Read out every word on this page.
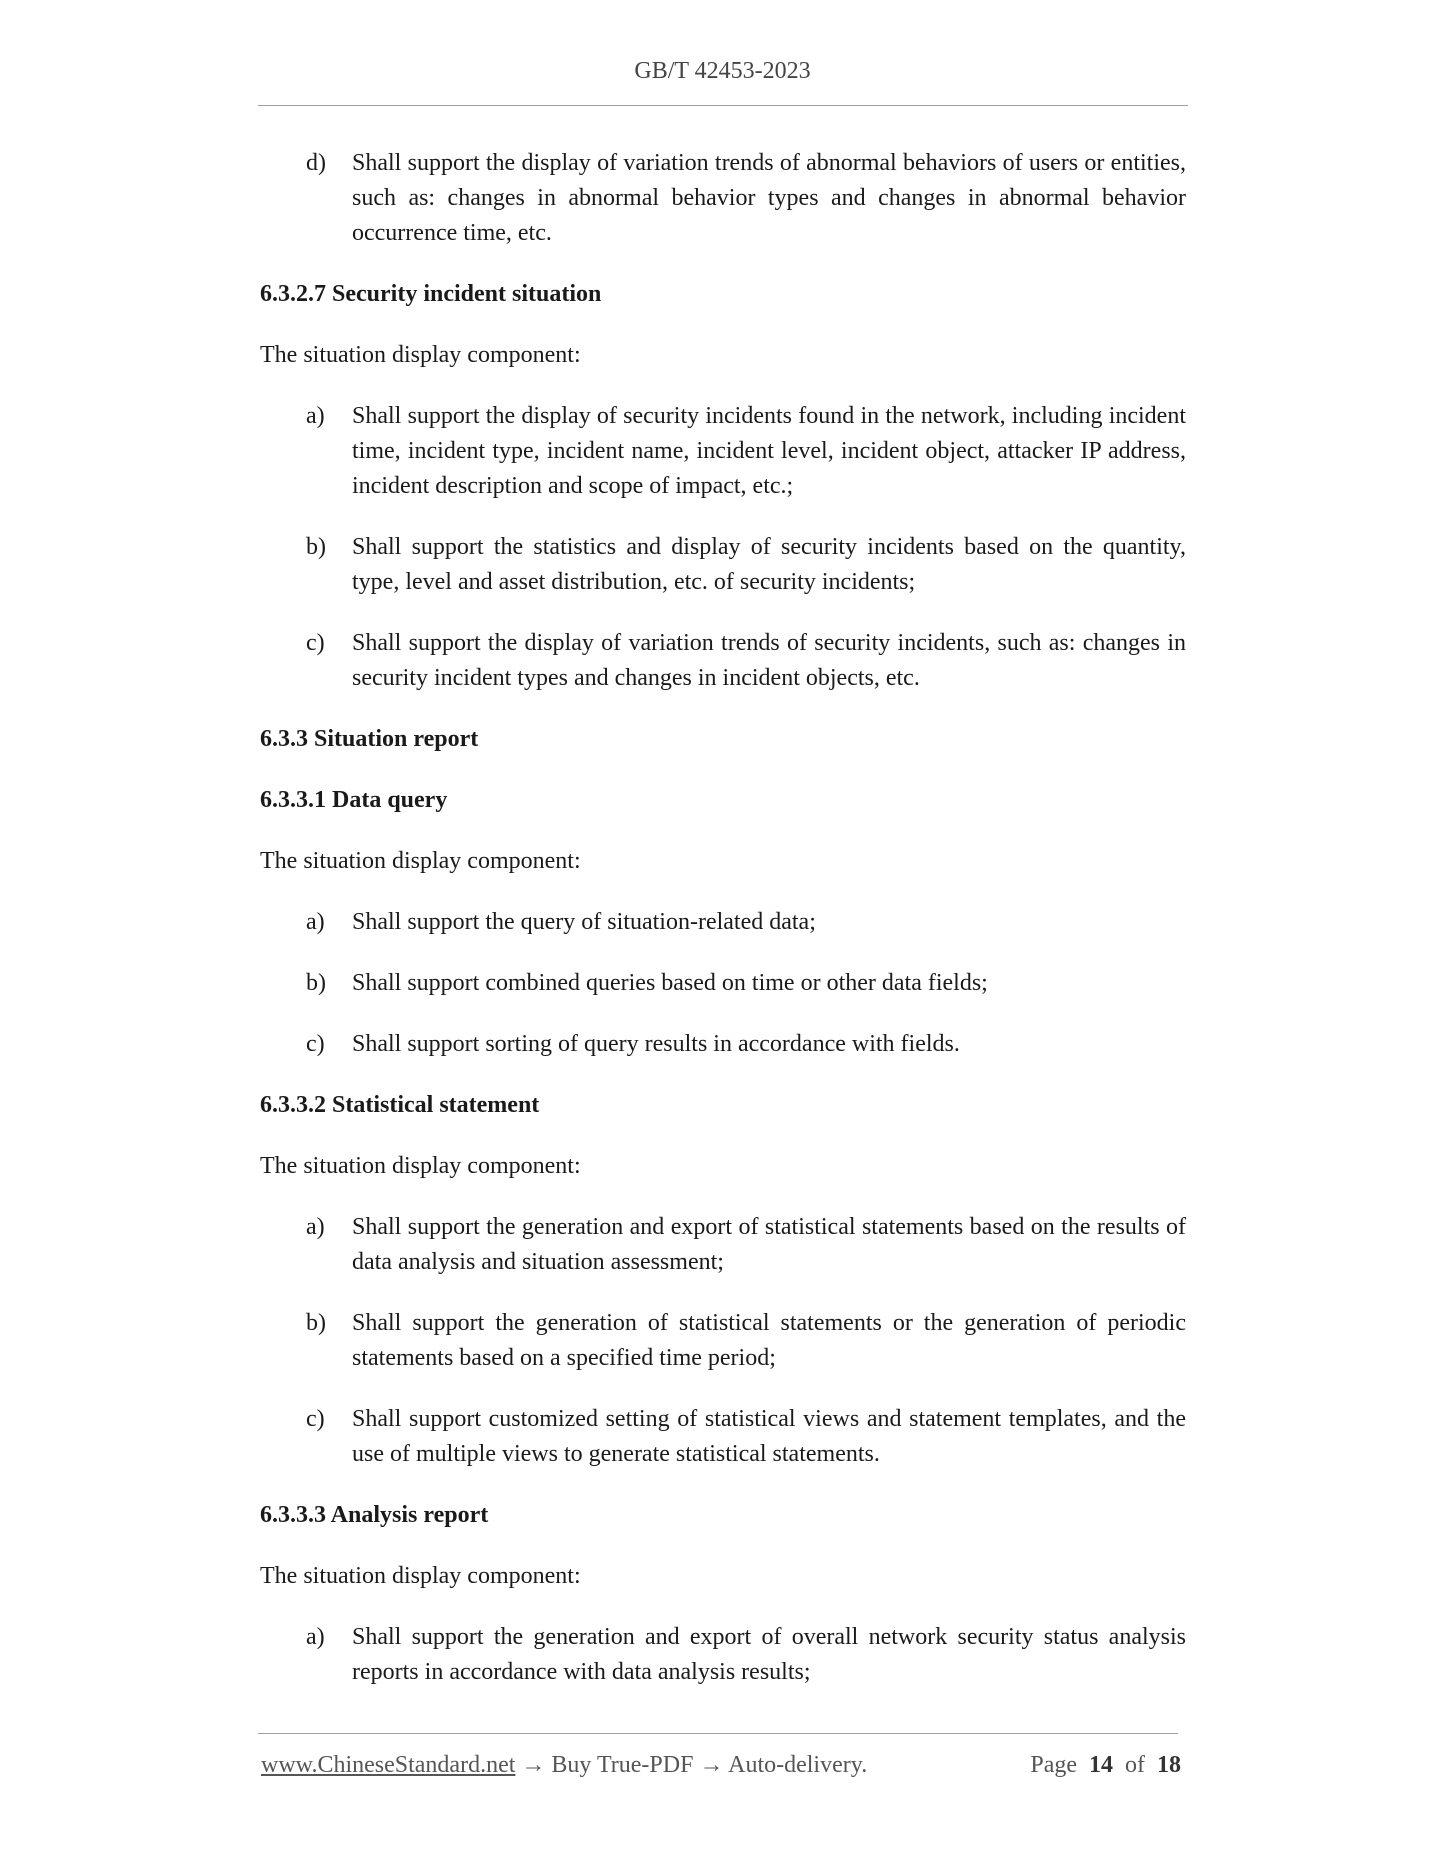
GB/T 42453-2023
d)	Shall support the display of variation trends of abnormal behaviors of users or entities, such as: changes in abnormal behavior types and changes in abnormal behavior occurrence time, etc.
6.3.2.7 Security incident situation
The situation display component:
a)	Shall support the display of security incidents found in the network, including incident time, incident type, incident name, incident level, incident object, attacker IP address, incident description and scope of impact, etc.;
b)	Shall support the statistics and display of security incidents based on the quantity, type, level and asset distribution, etc. of security incidents;
c)	Shall support the display of variation trends of security incidents, such as: changes in security incident types and changes in incident objects, etc.
6.3.3 Situation report
6.3.3.1 Data query
The situation display component:
a)	Shall support the query of situation-related data;
b)	Shall support combined queries based on time or other data fields;
c)	Shall support sorting of query results in accordance with fields.
6.3.3.2 Statistical statement
The situation display component:
a)	Shall support the generation and export of statistical statements based on the results of data analysis and situation assessment;
b)	Shall support the generation of statistical statements or the generation of periodic statements based on a specified time period;
c)	Shall support customized setting of statistical views and statement templates, and the use of multiple views to generate statistical statements.
6.3.3.3 Analysis report
The situation display component:
a)	Shall support the generation and export of overall network security status analysis reports in accordance with data analysis results;
www.ChineseStandard.net → Buy True-PDF → Auto-delivery.	Page 14 of 18
